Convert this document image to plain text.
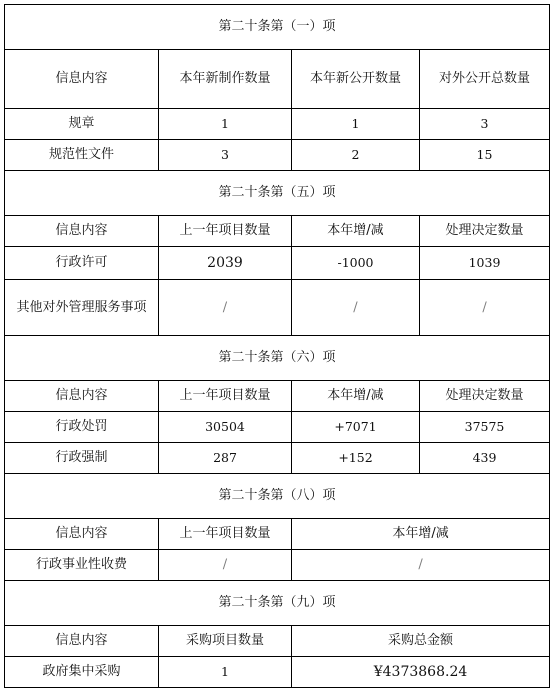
第二十条第（一）项			
信息内容	本年新制作数量	本年新公开数量	对外公开总数量
规章	1	1	3
规范性文件	3	2	15
第二十条第（五）项			
信息内容	上一年项目数量	本年增/减	处理决定数量
行政许可	2039	-1000	1039
其他对外管理服务事项	/	/	/
第二十条第（六）项			
信息内容	上一年项目数量	本年增/减	处理决定数量
行政处罚	30504	+7071	37575
行政强制	287	+152	439
第二十条第（八）项			
信息内容	上一年项目数量	本年增/减	
行政事业性收费	/	/	
第二十条第（九）项			
信息内容	采购项目数量	采购总金额	
政府集中采购	1	¥4373868.24	
